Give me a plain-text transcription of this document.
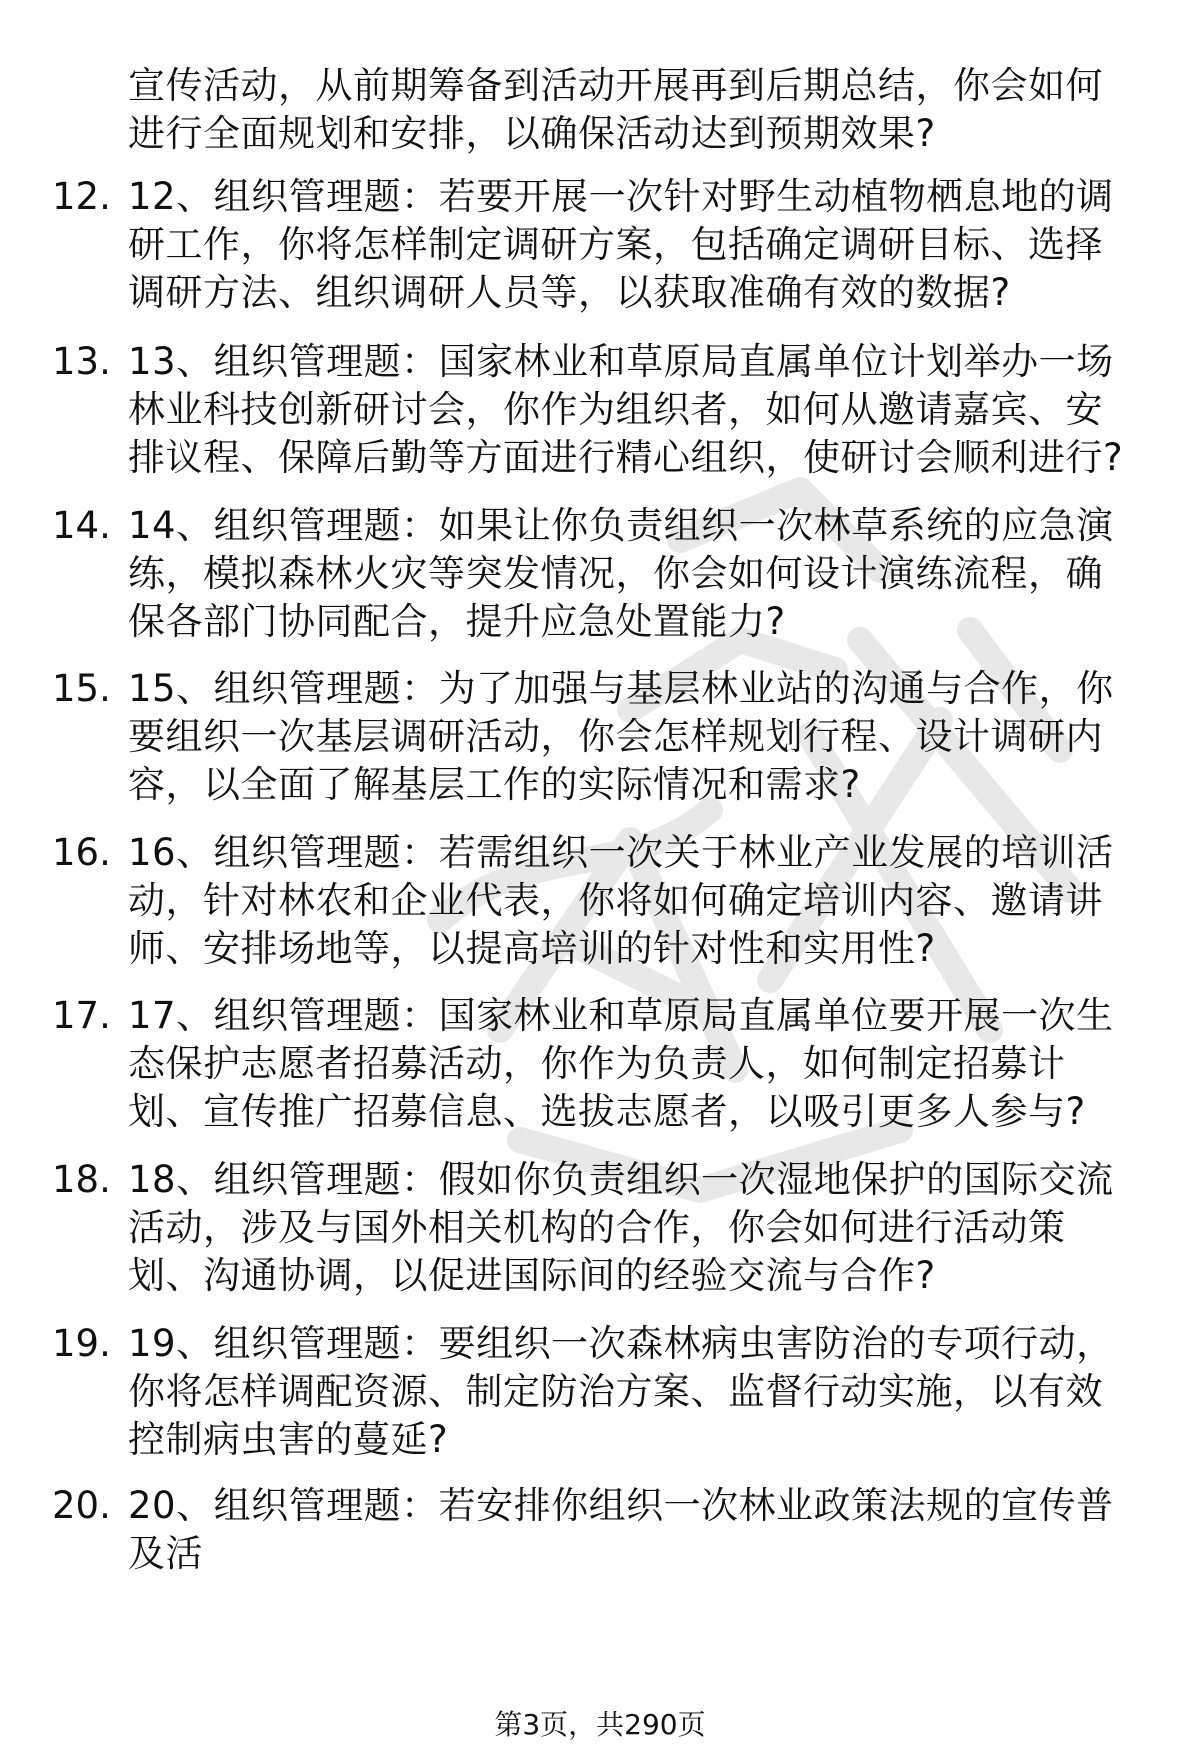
宣传活动，从前期筹备到活动开展再到后期总结，你会如何进行全面规划和安排，以确保活动达到预期效果?
12. 12、组织管理题：若要开展一次针对野生动植物栖息地的调研工作，你将怎样制定调研方案，包括确定调研目标、选择调研方法、组织调研人员等，以获取准确有效的数据?
13. 13、组织管理题：国家林业和草原局直属单位计划举办一场林业科技创新研讨会，你作为组织者，如何从邀请嘉宾、安排议程、保障后勤等方面进行精心组织，使研讨会顺利进行?
14. 14、组织管理题：如果让你负责组织一次林草系统的应急演练，模拟森林火灾等突发情况，你会如何设计演练流程，确保各部门协同配合，提升应急处置能力?
15. 15、组织管理题：为了加强与基层林业站的沟通与合作，你要组织一次基层调研活动，你会怎样规划行程、设计调研内容，以全面了解基层工作的实际情况和需求?
16. 16、组织管理题：若需组织一次关于林业产业发展的培训活动，针对林农和企业代表，你将如何确定培训内容、邀请讲师、安排场地等，以提高培训的针对性和实用性?
17. 17、组织管理题：国家林业和草原局直属单位要开展一次生态保护志愿者招募活动，你作为负责人，如何制定招募计划、宣传推广招募信息、选拔志愿者，以吸引更多人参与?
18. 18、组织管理题：假如你负责组织一次湿地保护的国际交流活动，涉及与国外相关机构的合作，你会如何进行活动策划、沟通协调，以促进国际间的经验交流与合作?
19. 19、组织管理题：要组织一次森林病虫害防治的专项行动，你将怎样调配资源、制定防治方案、监督行动实施，以有效控制病虫害的蔓延?
20. 20、组织管理题：若安排你组织一次林业政策法规的宣传普及活
第3页，共290页
